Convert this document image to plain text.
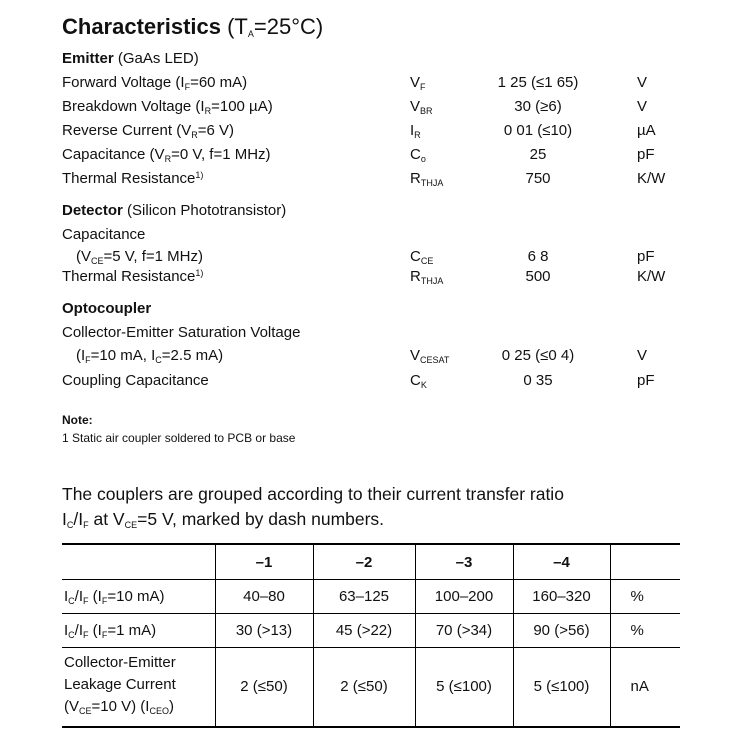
Characteristics $(T_A=25^\circ C)$
Emitter (GaAs LED)
Forward Voltage ($I_F=60$ mA)	$V_F$	1 25 (≤1 65)	V
Breakdown Voltage ($I_R=100$ µA)	$V_{BR}$	30 (≥6)	V
Reverse Current ($V_R=6$ V)	$I_R$	0 01 (≤10)	µA
Capacitance ($V_R=0$ V, f=1 MHz)	$C_o$	25	pF
Thermal Resistance$^{1)}$	$R_{THJA}$	750	K/W
Detector (Silicon Phototransistor)
Capacitance
($V_{CE}=5$ V, f=1 MHz)	$C_{CE}$	6 8	pF
Thermal Resistance$^{1)}$	$R_{THJA}$	500	K/W
Optocoupler
Collector-Emitter Saturation Voltage
($I_F=10$ mA, $I_C=2.5$ mA)	$V_{CESAT}$	0 25 (≤0 4)	V
Coupling Capacitance	$C_K$	0 35	pF
Note:
1 Static air coupler soldered to PCB or base
The couplers are grouped according to their current transfer ratio
$I_C/I_F$ at $V_{CE}=5$ V, marked by dash numbers.
	–1	–2	–3	–4	
$I_C/I_F$ ($I_F=10$ mA)	40–80	63–125	100–200	160–320	%
$I_C/I_F$ ($I_F=1$ mA)	30 (>13)	45 (>22)	70 (>34)	90 (>56)	%
Collector-Emitter
Leakage Current
($V_{CE}=10$ V) $(I_{CEO})$	2 (≤50)	2 (≤50)	5 (≤100)	5 (≤100)	nA
